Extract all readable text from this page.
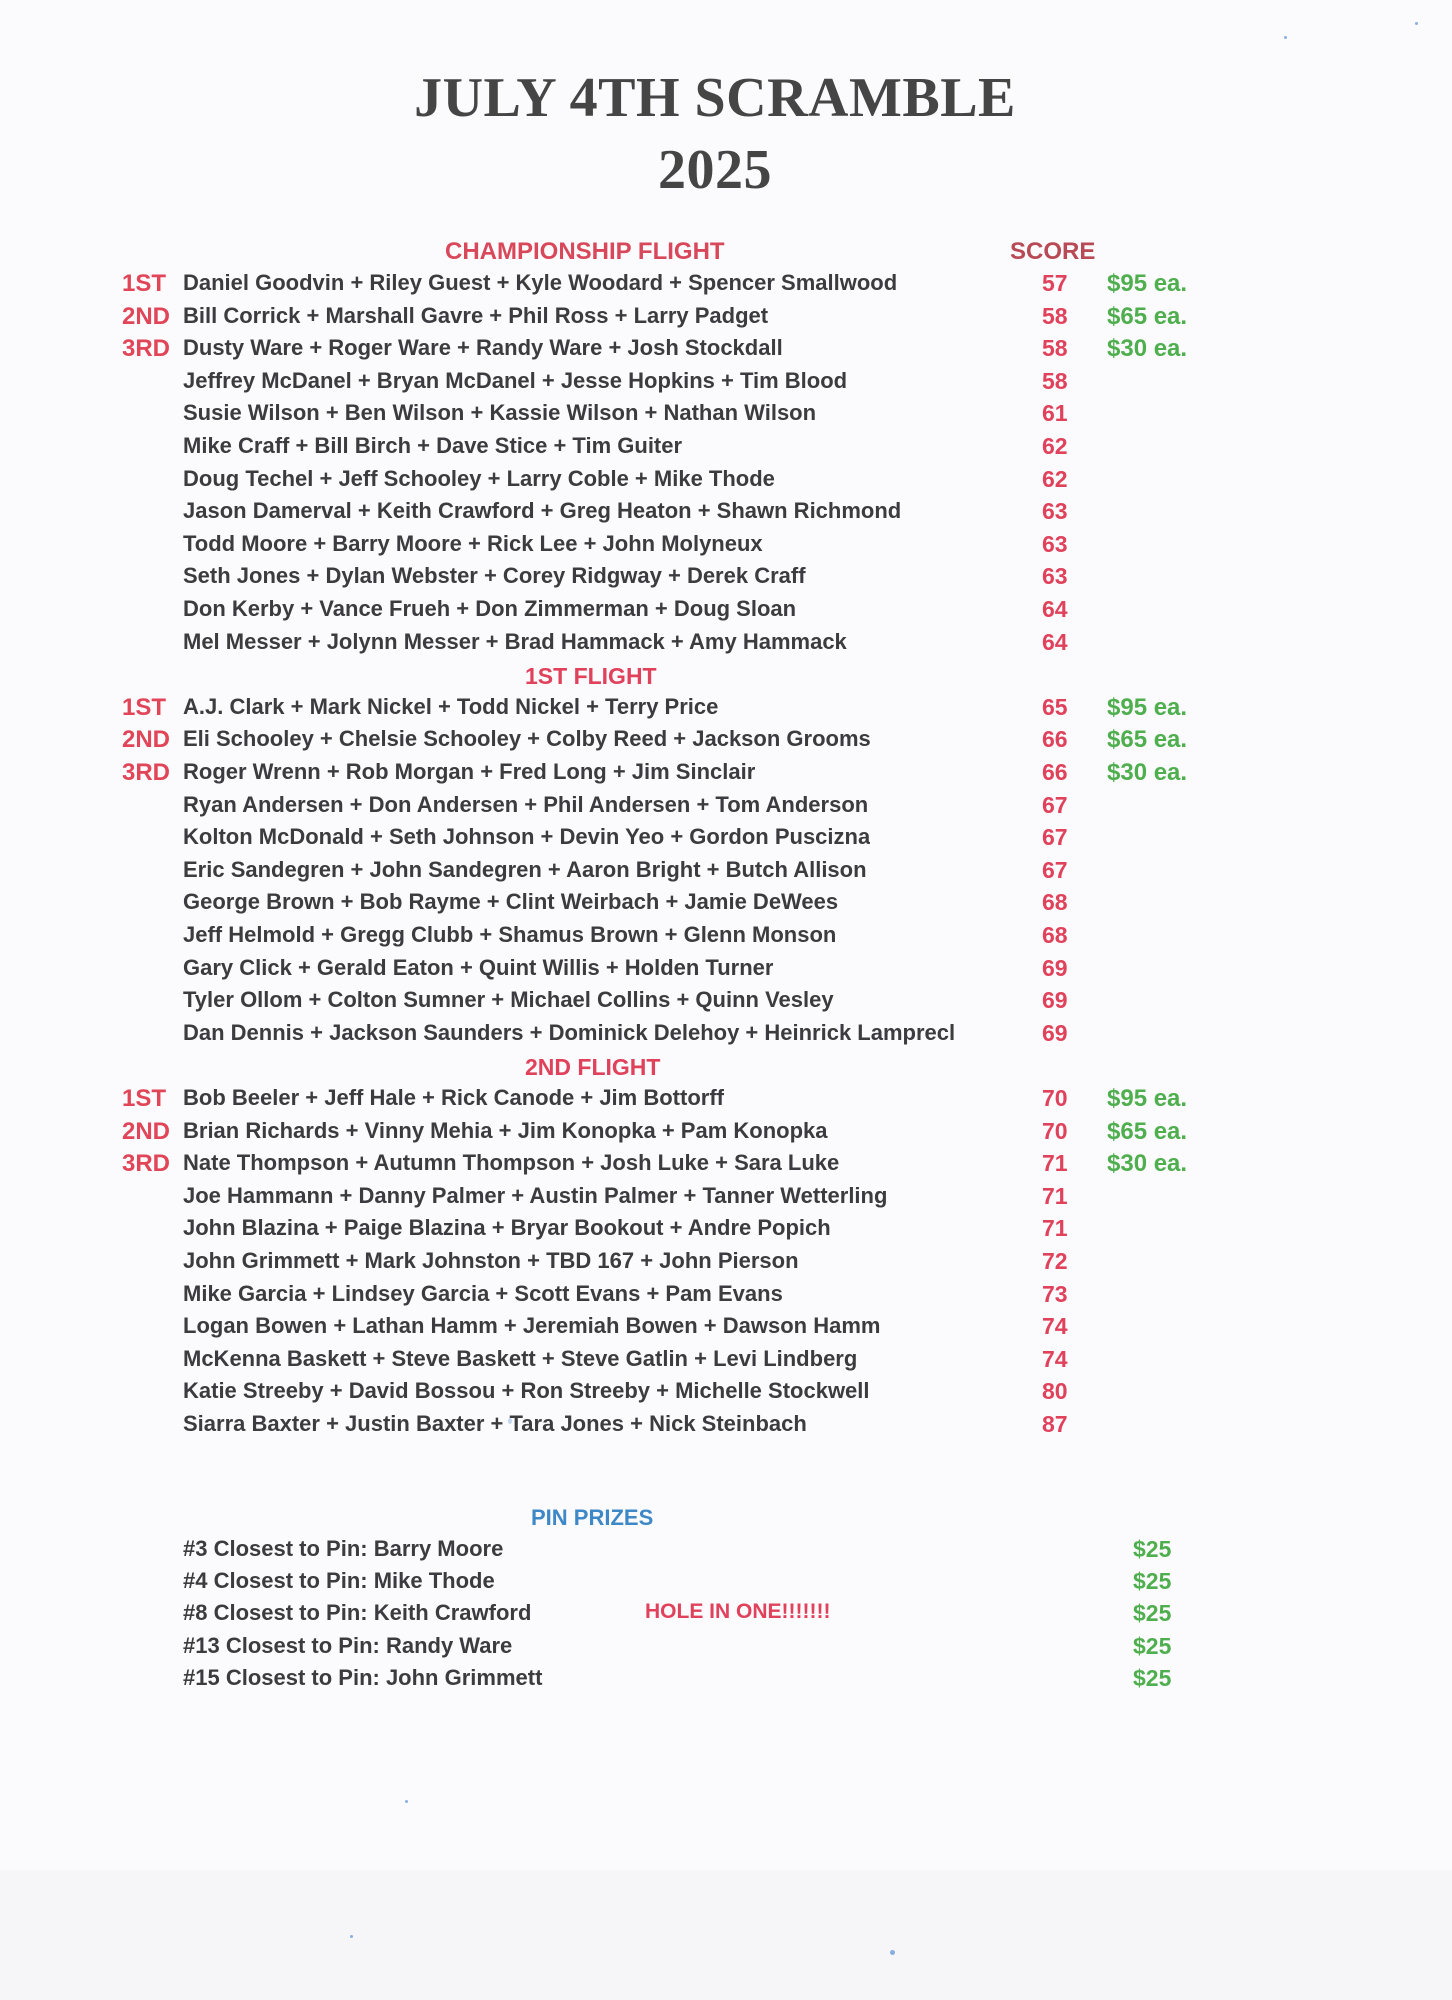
JULY 4TH SCRAMBLE
2025
CHAMPIONSHIP FLIGHT	SCORE
1ST Daniel Goodvin + Riley Guest + Kyle Woodard + Spencer Smallwood	57 $95 ea.
2ND Bill Corrick + Marshall Gavre + Phil Ross + Larry Padget	58 $65 ea.
3RD Dusty Ware + Roger Ware + Randy Ware + Josh Stockdall	58 $30 ea.
Jeffrey McDanel + Bryan McDanel + Jesse Hopkins + Tim Blood	58
Susie Wilson + Ben Wilson + Kassie Wilson + Nathan Wilson	61
Mike Craff + Bill Birch + Dave Stice + Tim Guiter	62
Doug Techel + Jeff Schooley + Larry Coble + Mike Thode	62
Jason Damerval + Keith Crawford + Greg Heaton + Shawn Richmond	63
Todd Moore + Barry Moore + Rick Lee + John Molyneux	63
Seth Jones + Dylan Webster + Corey Ridgway + Derek Craff	63
Don Kerby + Vance Frueh + Don Zimmerman + Doug Sloan	64
Mel Messer + Jolynn Messer + Brad Hammack + Amy Hammack	64
1ST FLIGHT
1ST A.J. Clark + Mark Nickel + Todd Nickel + Terry Price	65 $95 ea.
2ND Eli Schooley + Chelsie Schooley + Colby Reed + Jackson Grooms	66 $65 ea.
3RD Roger Wrenn + Rob Morgan + Fred Long + Jim Sinclair	66 $30 ea.
Ryan Andersen + Don Andersen + Phil Andersen + Tom Anderson	67
Kolton McDonald + Seth Johnson + Devin Yeo + Gordon Puscizna	67
Eric Sandegren + John Sandegren + Aaron Bright + Butch Allison	67
George Brown + Bob Rayme + Clint Weirbach + Jamie DeWees	68
Jeff Helmold + Gregg Clubb + Shamus Brown + Glenn Monson	68
Gary Click + Gerald Eaton + Quint Willis + Holden Turner	69
Tyler Ollom + Colton Sumner + Michael Collins + Quinn Vesley	69
Dan Dennis + Jackson Saunders + Dominick Delehoy + Heinrick Lamprecl	69
2ND FLIGHT
1ST Bob Beeler + Jeff Hale + Rick Canode + Jim Bottorff	70 $95 ea.
2ND Brian Richards + Vinny Mehia + Jim Konopka + Pam Konopka	70 $65 ea.
3RD Nate Thompson + Autumn Thompson + Josh Luke + Sara Luke	71 $30 ea.
Joe Hammann + Danny Palmer + Austin Palmer + Tanner Wetterling	71
John Blazina + Paige Blazina + Bryar Bookout + Andre Popich	71
John Grimmett + Mark Johnston + TBD 167 + John Pierson	72
Mike Garcia + Lindsey Garcia + Scott Evans + Pam Evans	73
Logan Bowen + Lathan Hamm + Jeremiah Bowen + Dawson Hamm	74
McKenna Baskett + Steve Baskett + Steve Gatlin + Levi Lindberg	74
Katie Streeby + David Bossou + Ron Streeby + Michelle Stockwell	80
Siarra Baxter + Justin Baxter + Tara Jones + Nick Steinbach	87
PIN PRIZES
#3 Closest to Pin: Barry Moore	$25
#4 Closest to Pin: Mike Thode	$25
#8 Closest to Pin: Keith Crawford	HOLE IN ONE!!!!!!!	$25
#13 Closest to Pin: Randy Ware	$25
#15 Closest to Pin: John Grimmett	$25
